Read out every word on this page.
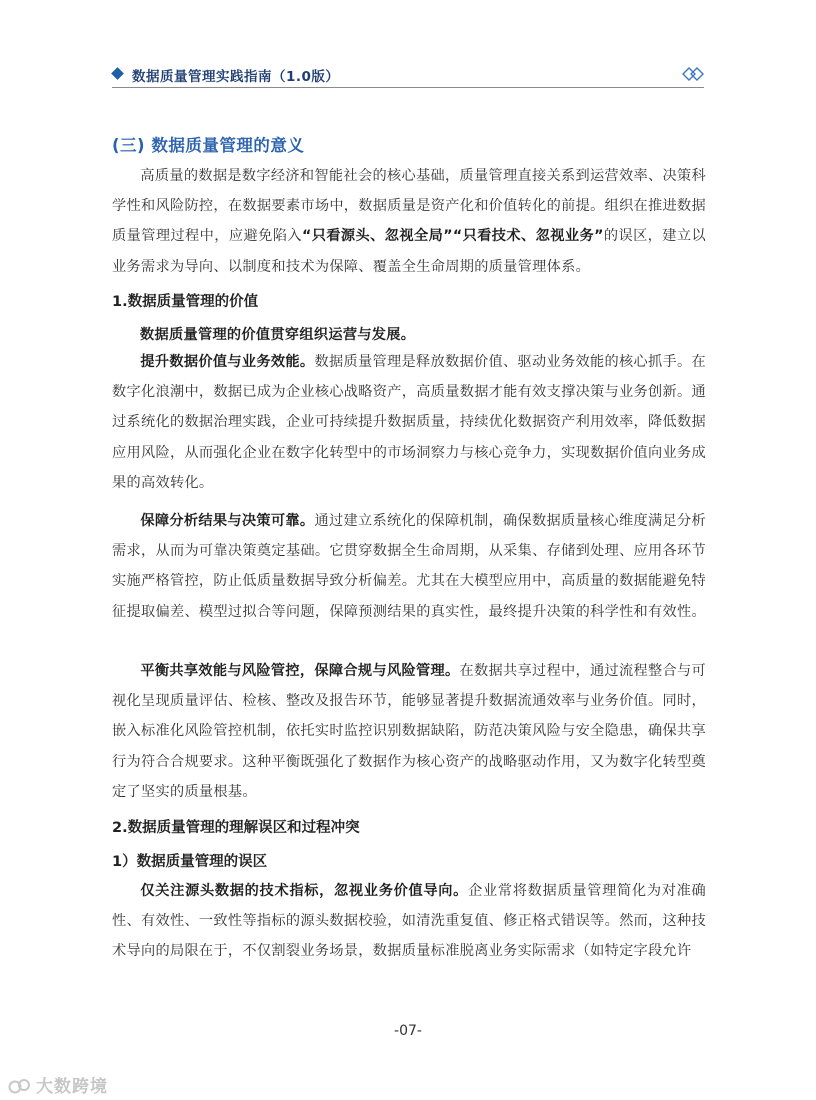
数据质量管理实践指南（1.0版）
(三) 数据质量管理的意义

高质量的数据是数字经济和智能社会的核心基础，质量管理直接关系到运营效率、决策科学性和风险防控，在数据要素市场中，数据质量是资产化和价值转化的前提。组织在推进数据质量管理过程中，应避免陷入“只看源头、忽视全局”“只看技术、忽视业务”的误区，建立以业务需求为导向、以制度和技术为保障、覆盖全生命周期的质量管理体系。

1.数据质量管理的价值
数据质量管理的价值贯穿组织运营与发展。

提升数据价值与业务效能。数据质量管理是释放数据价值、驱动业务效能的核心抓手。在数字化浪潮中，数据已成为企业核心战略资产，高质量数据才能有效支撑决策与业务创新。通过系统化的数据治理实践，企业可持续提升数据质量，持续优化数据资产利用效率，降低数据应用风险，从而强化企业在数字化转型中的市场洞察力与核心竞争力，实现数据价值向业务成果的高效转化。

保障分析结果与决策可靠。通过建立系统化的保障机制，确保数据质量核心维度满足分析需求，从而为可靠决策奠定基础。它贯穿数据全生命周期，从采集、存储到处理、应用各环节实施严格管控，防止低质量数据导致分析偏差。尤其在大模型应用中，高质量的数据能避免特征提取偏差、模型过拟合等问题，保障预测结果的真实性，最终提升决策的科学性和有效性。

平衡共享效能与风险管控，保障合规与风险管理。在数据共享过程中，通过流程整合与可视化呈现质量评估、检核、整改及报告环节，能够显著提升数据流通效率与业务价值。同时，嵌入标准化风险管控机制，依托实时监控识别数据缺陷，防范决策风险与安全隐患，确保共享行为符合合规要求。这种平衡既强化了数据作为核心资产的战略驱动作用，又为数字化转型奠定了坚实的质量根基。

2.数据质量管理的理解误区和过程冲突
1）数据质量管理的误区

仅关注源头数据的技术指标，忽视业务价值导向。企业常将数据质量管理简化为对准确性、有效性、一致性等指标的源头数据校验，如清洗重复值、修正格式错误等。然而，这种技术导向的局限在于，不仅割裂业务场景，数据质量标准脱离业务实际需求（如特定字段允许

-07-
大数跨境
